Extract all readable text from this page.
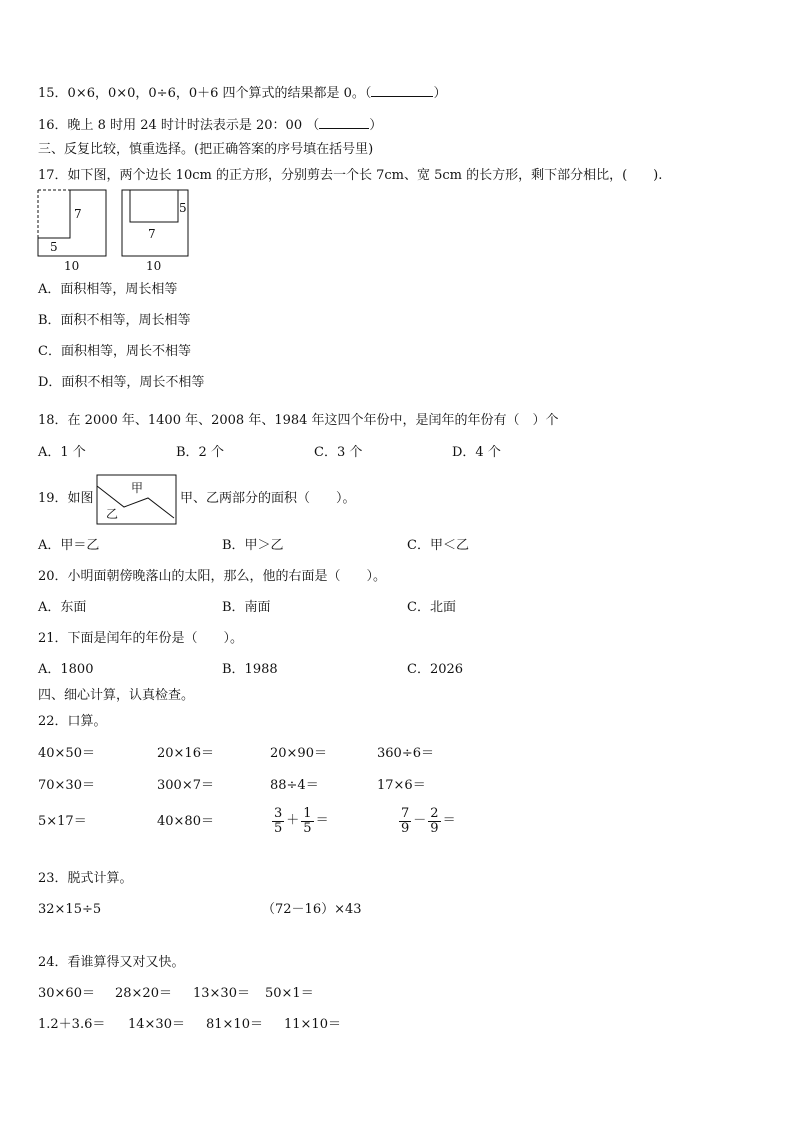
15．0×6，0×0，0÷6，0＋6 四个算式的结果都是 0。（	）
16．晚上 8 时用 24 时计时法表示是 20：00 （	）
三、反复比较，慎重选择。(把正确答案的序号填在括号里)
17．如下图，两个边长 10cm 的正方形，分别剪去一个长 7cm、宽 5cm 的长方形，剩下部分相比，(　　).
7
5
10
7
5
10
A．面积相等，周长相等
B．面积不相等，周长相等
C．面积相等，周长不相等
D．面积不相等，周长不相等
18．在 2000 年、1400 年、2008 年、1984 年这四个年份中，是闰年的年份有（　）个
A．1 个	B．2 个	C．3 个	D．4 个
19．如图
甲
乙
甲、乙两部分的面积（　　）。
A．甲＝乙	B．甲＞乙	C．甲＜乙
20．小明面朝傍晚落山的太阳，那么，他的右面是（　　）。
A．东面	B．南面	C．北面
21．下面是闰年的年份是（　　）。
A．1800	B．1988	C．2026
四、细心计算，认真检查。
22．口算。
40×50＝	20×16＝	20×90＝	360÷6＝
70×30＝	300×7＝	88÷4＝	17×6＝
5×17＝	40×80＝	$\frac{3}{5} + \frac{1}{5}$ ＝	$\frac{7}{9} - \frac{2}{9}$ ＝
23．脱式计算。
32×15÷5	（72－16）×43
24．看谁算得又对又快。
30×60＝ 28×20＝ 13×30＝ 50×1＝
1.2＋3.6＝ 14×30＝ 81×10＝ 11×10＝
